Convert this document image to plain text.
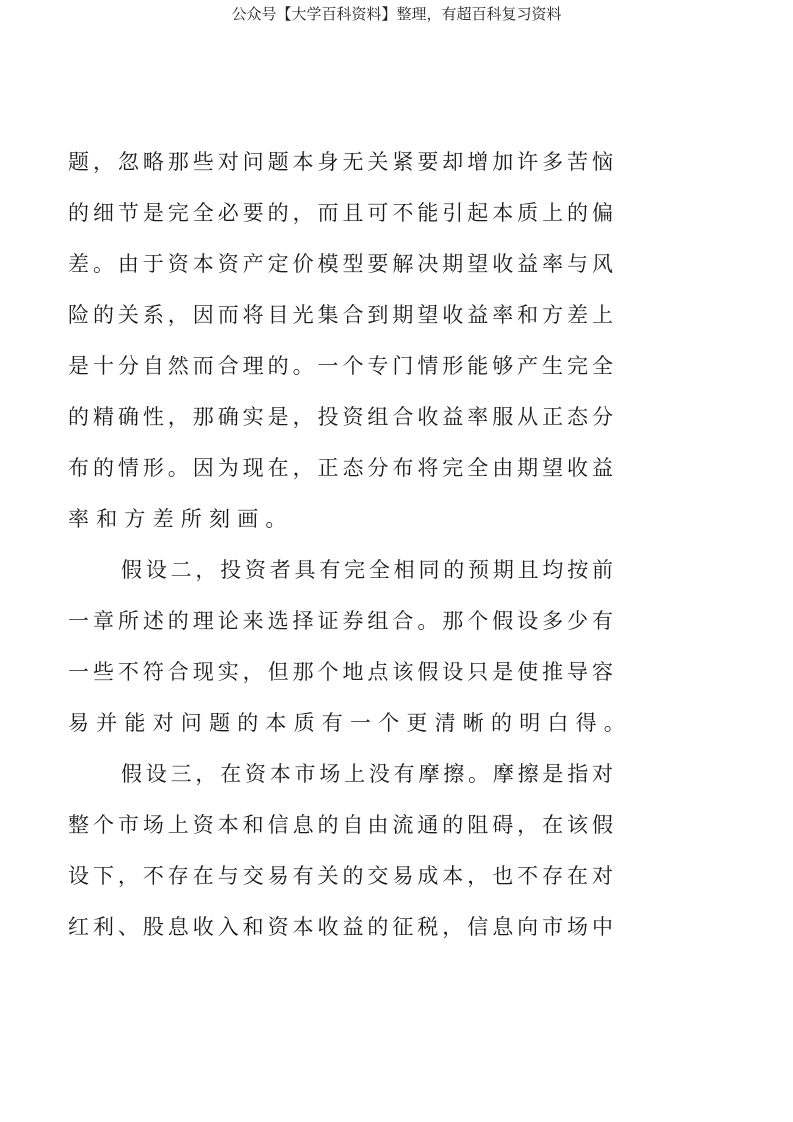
公众号【大学百科资料】整理，有超百科复习资料
题，忽略那些对问题本身无关紧要却增加许多苦恼
的细节是完全必要的，而且可不能引起本质上的偏
差。由于资本资产定价模型要解决期望收益率与风
险的关系，因而将目光集合到期望收益率和方差上
是十分自然而合理的。一个专门情形能够产生完全
的精确性，那确实是，投资组合收益率服从正态分
布的情形。因为现在，正态分布将完全由期望收益
率和方差所刻画。
假设二，投资者具有完全相同的预期且均按前
一章所述的理论来选择证券组合。那个假设多少有
一些不符合现实，但那个地点该假设只是使推导容
易并能对问题的本质有一个更清晰的明白得。
假设三，在资本市场上没有摩擦。摩擦是指对
整个市场上资本和信息的自由流通的阻碍，在该假
设下，不存在与交易有关的交易成本，也不存在对
红利、股息收入和资本收益的征税，信息向市场中
